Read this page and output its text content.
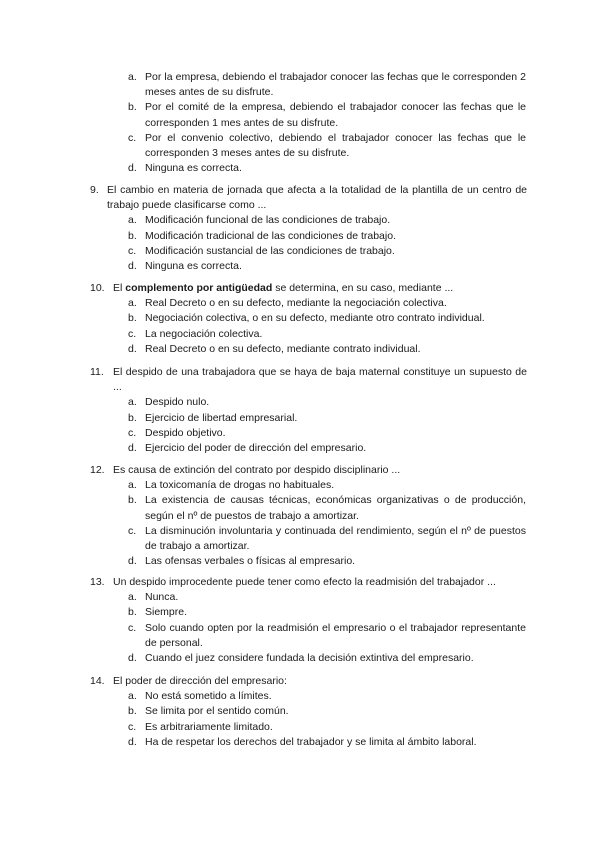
a. Por la empresa, debiendo el trabajador conocer las fechas que le corresponden 2 meses antes de su disfrute.
b. Por el comité de la empresa, debiendo el trabajador conocer las fechas que le corresponden 1 mes antes de su disfrute.
c. Por el convenio colectivo, debiendo el trabajador conocer las fechas que le corresponden 3 meses antes de su disfrute.
d. Ninguna es correcta.
9. El cambio en materia de jornada que afecta a la totalidad de la plantilla de un centro de trabajo puede clasificarse como ...
a. Modificación funcional de las condiciones de trabajo.
b. Modificación tradicional de las condiciones de trabajo.
c. Modificación sustancial de las condiciones de trabajo.
d. Ninguna es correcta.
10. El complemento por antigüedad se determina, en su caso, mediante ...
a. Real Decreto o en su defecto, mediante la negociación colectiva.
b. Negociación colectiva, o en su defecto, mediante otro contrato individual.
c. La negociación colectiva.
d. Real Decreto o en su defecto, mediante contrato individual.
11. El despido de una trabajadora que se haya de baja maternal constituye un supuesto de ...
a. Despido nulo.
b. Ejercicio de libertad empresarial.
c. Despido objetivo.
d. Ejercicio del poder de dirección del empresario.
12. Es causa de extinción del contrato por despido disciplinario ...
a. La toxicomanía de drogas no habituales.
b. La existencia de causas técnicas, económicas organizativas o de producción, según el nº de puestos de trabajo a amortizar.
c. La disminución involuntaria y continuada del rendimiento, según el nº de puestos de trabajo a amortizar.
d. Las ofensas verbales o físicas al empresario.
13. Un despido improcedente puede tener como efecto la readmisión del trabajador ...
a. Nunca.
b. Siempre.
c. Solo cuando opten por la readmisión el empresario o el trabajador representante de personal.
d. Cuando el juez considere fundada la decisión extintiva del empresario.
14. El poder de dirección del empresario:
a. No está sometido a límites.
b. Se limita por el sentido común.
c. Es arbitrariamente limitado.
d. Ha de respetar los derechos del trabajador y se limita al ámbito laboral.
